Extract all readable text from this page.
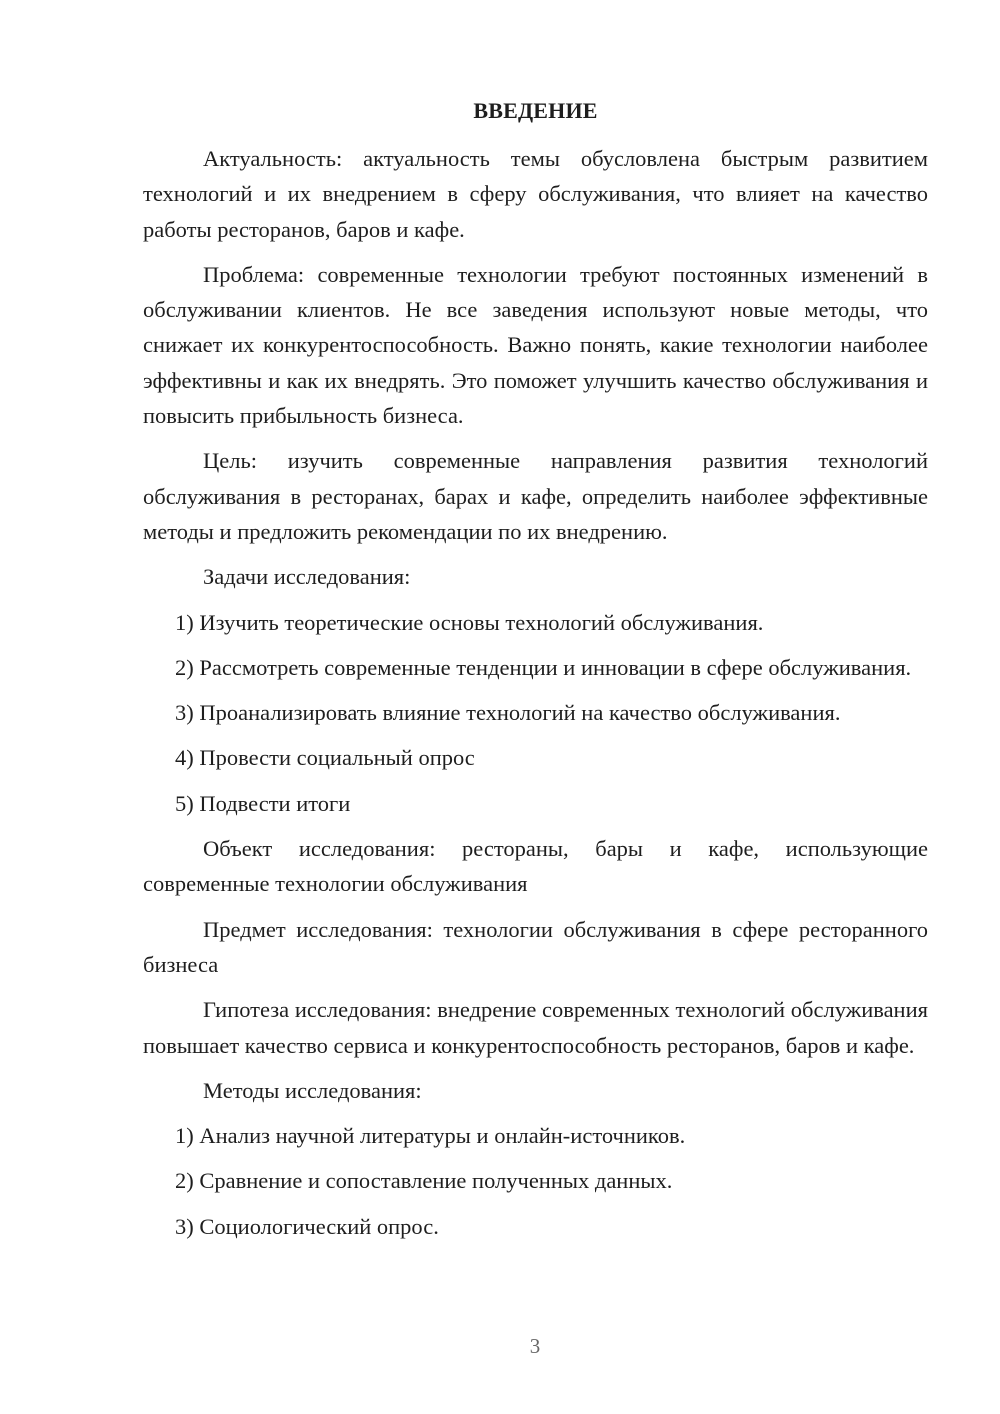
ВВЕДЕНИЕ

Актуальность: актуальность темы обусловлена быстрым развитием технологий и их внедрением в сферу обслуживания, что влияет на качество работы ресторанов, баров и кафе.

Проблема: современные технологии требуют постоянных изменений в обслуживании клиентов. Не все заведения используют новые методы, что снижает их конкурентоспособность. Важно понять, какие технологии наиболее эффективны и как их внедрять. Это поможет улучшить качество обслуживания и повысить прибыльность бизнеса.

Цель: изучить современные направления развития технологий обслуживания в ресторанах, барах и кафе, определить наиболее эффективные методы и предложить рекомендации по их внедрению.

Задачи исследования:

1) Изучить теоретические основы технологий обслуживания.

2) Рассмотреть современные тенденции и инновации в сфере обслуживания.

3) Проанализировать влияние технологий на качество обслуживания.

4) Провести социальный опрос

5) Подвести итоги

Объект исследования: рестораны, бары и кафе, использующие современные технологии обслуживания

Предмет исследования: технологии обслуживания в сфере ресторанного бизнеса

Гипотеза исследования: внедрение современных технологий обслуживания повышает качество сервиса и конкурентоспособность ресторанов, баров и кафе.

Методы исследования:

1) Анализ научной литературы и онлайн-источников.

2) Сравнение и сопоставление полученных данных.

3) Социологический опрос.

3
